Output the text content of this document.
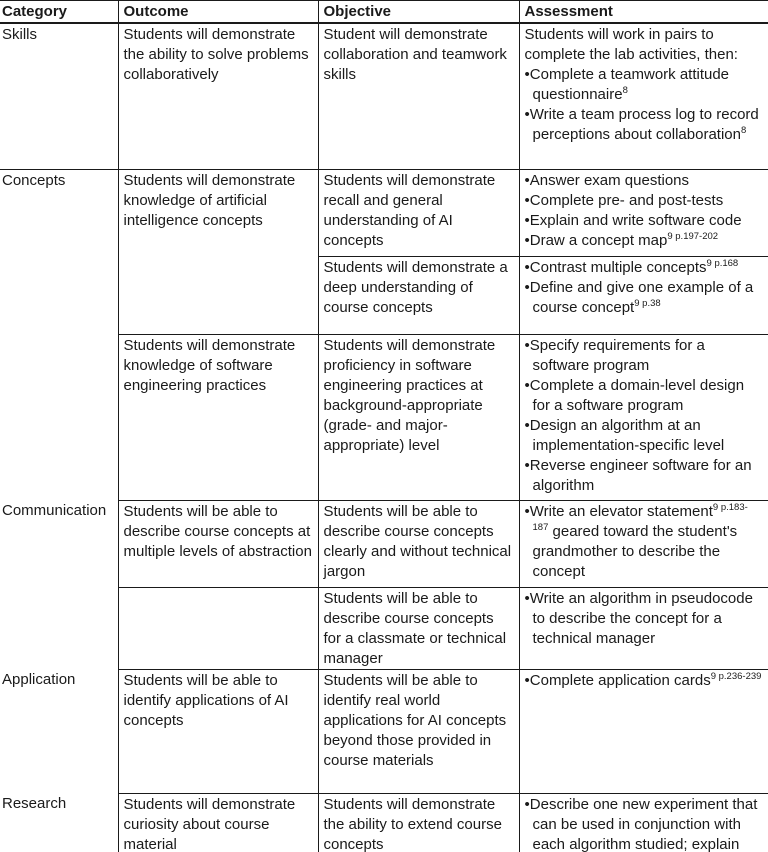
Category	Outcome	Objective	Assessment
Skills	Students will demonstrate the ability to solve problems collaboratively	Student will demonstrate collaboration and teamwork skills	Students will work in pairs to complete the lab activities, then:
• Complete a teamwork attitude questionnaire$^8$
• Write a team process log to record perceptions about collaboration$^8$

Concepts	Students will demonstrate knowledge of artificial intelligence concepts	Students will demonstrate recall and general understanding of AI concepts	• Answer exam questions
• Complete pre- and post-tests
• Explain and write software code
• Draw a concept map$^{9 p.197-202}$

		Students will demonstrate a deep understanding of course concepts	• Contrast multiple concepts$^{9 p.168}$
• Define and give one example of a course concept$^{9 p.38}$

	Students will demonstrate knowledge of software engineering practices	Students will demonstrate proficiency in software engineering practices at background-appropriate (grade- and major-appropriate) level	• Specify requirements for a software program
• Complete a domain-level design for a software program
• Design an algorithm at an implementation-specific level
• Reverse engineer software for an algorithm

Communication	Students will be able to describe course concepts at multiple levels of abstraction	Students will be able to describe course concepts clearly and without technical jargon	• Write an elevator statement$^{9 p.183-187}$ geared toward the student's grandmother to describe the concept

		Students will be able to describe course concepts for a classmate or technical manager	• Write an algorithm in pseudocode to describe the concept for a technical manager

Application	Students will be able to identify applications of AI concepts	Students will be able to identify real world applications for AI concepts beyond those provided in course materials	• Complete application cards$^{9 p.236-239}$

Research	Students will demonstrate curiosity about course material	Students will demonstrate the ability to extend course concepts	• Describe one new experiment that can be used in conjunction with each algorithm studied; explain
